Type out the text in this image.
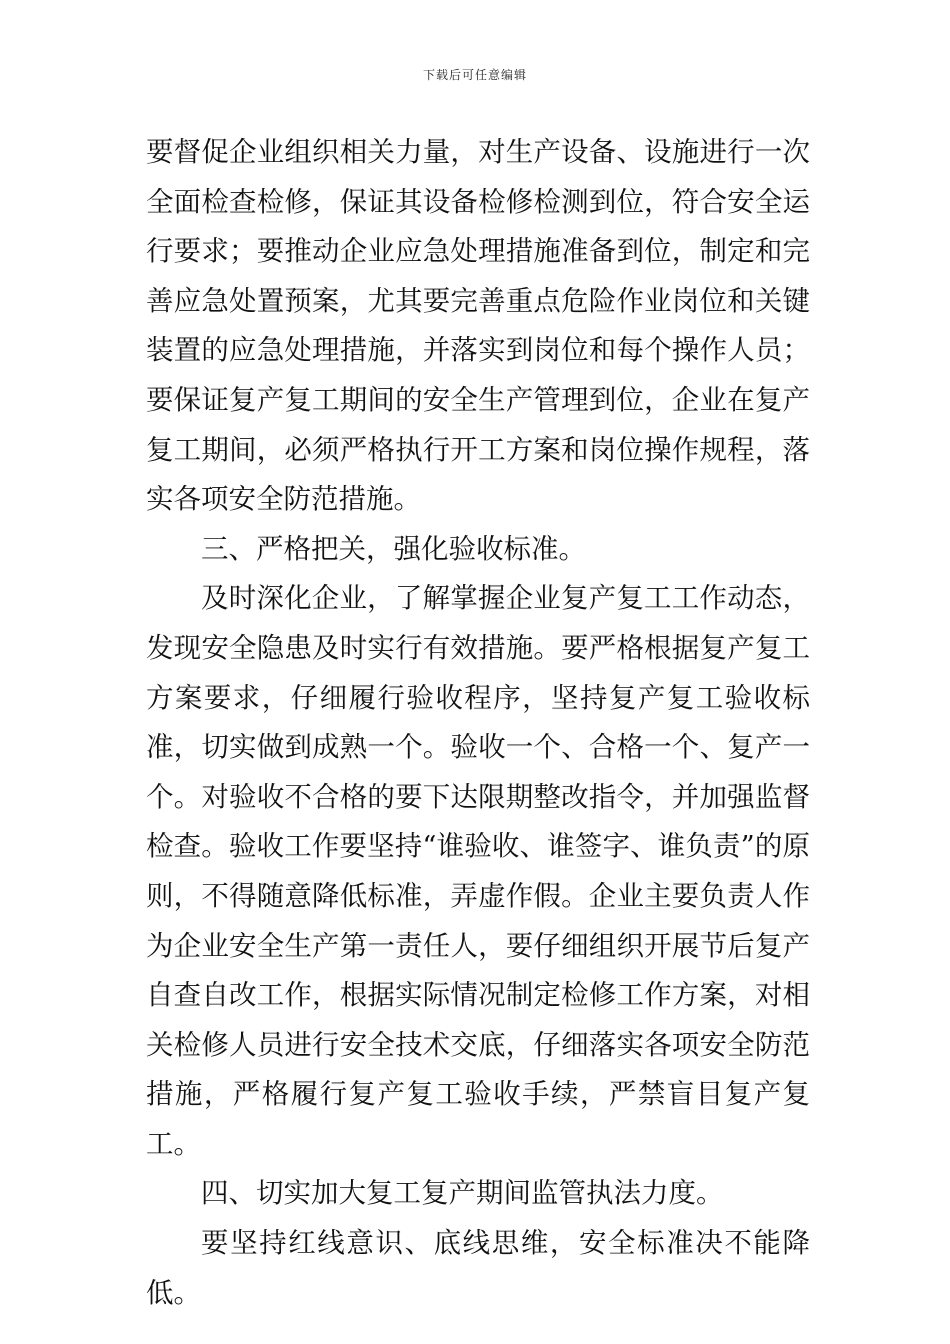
下载后可任意编辑

要督促企业组织相关力量，对生产设备、设施进行一次全面检查检修，保证其设备检修检测到位，符合安全运行要求；要推动企业应急处理措施准备到位，制定和完善应急处置预案，尤其要完善重点危险作业岗位和关键装置的应急处理措施，并落实到岗位和每个操作人员；要保证复产复工期间的安全生产管理到位，企业在复产复工期间，必须严格执行开工方案和岗位操作规程，落实各项安全防范措施。

三、严格把关，强化验收标准。

及时深化企业，了解掌握企业复产复工工作动态，发现安全隐患及时实行有效措施。要严格根据复产复工方案要求，仔细履行验收程序，坚持复产复工验收标准，切实做到成熟一个。验收一个、合格一个、复产一个。对验收不合格的要下达限期整改指令，并加强监督检查。验收工作要坚持“谁验收、谁签字、谁负责”的原则，不得随意降低标准，弄虚作假。企业主要负责人作为企业安全生产第一责任人，要仔细组织开展节后复产自查自改工作，根据实际情况制定检修工作方案，对相关检修人员进行安全技术交底，仔细落实各项安全防范措施，严格履行复产复工验收手续，严禁盲目复产复工。

四、切实加大复工复产期间监管执法力度。

要坚持红线意识、底线思维，安全标准决不能降低。
